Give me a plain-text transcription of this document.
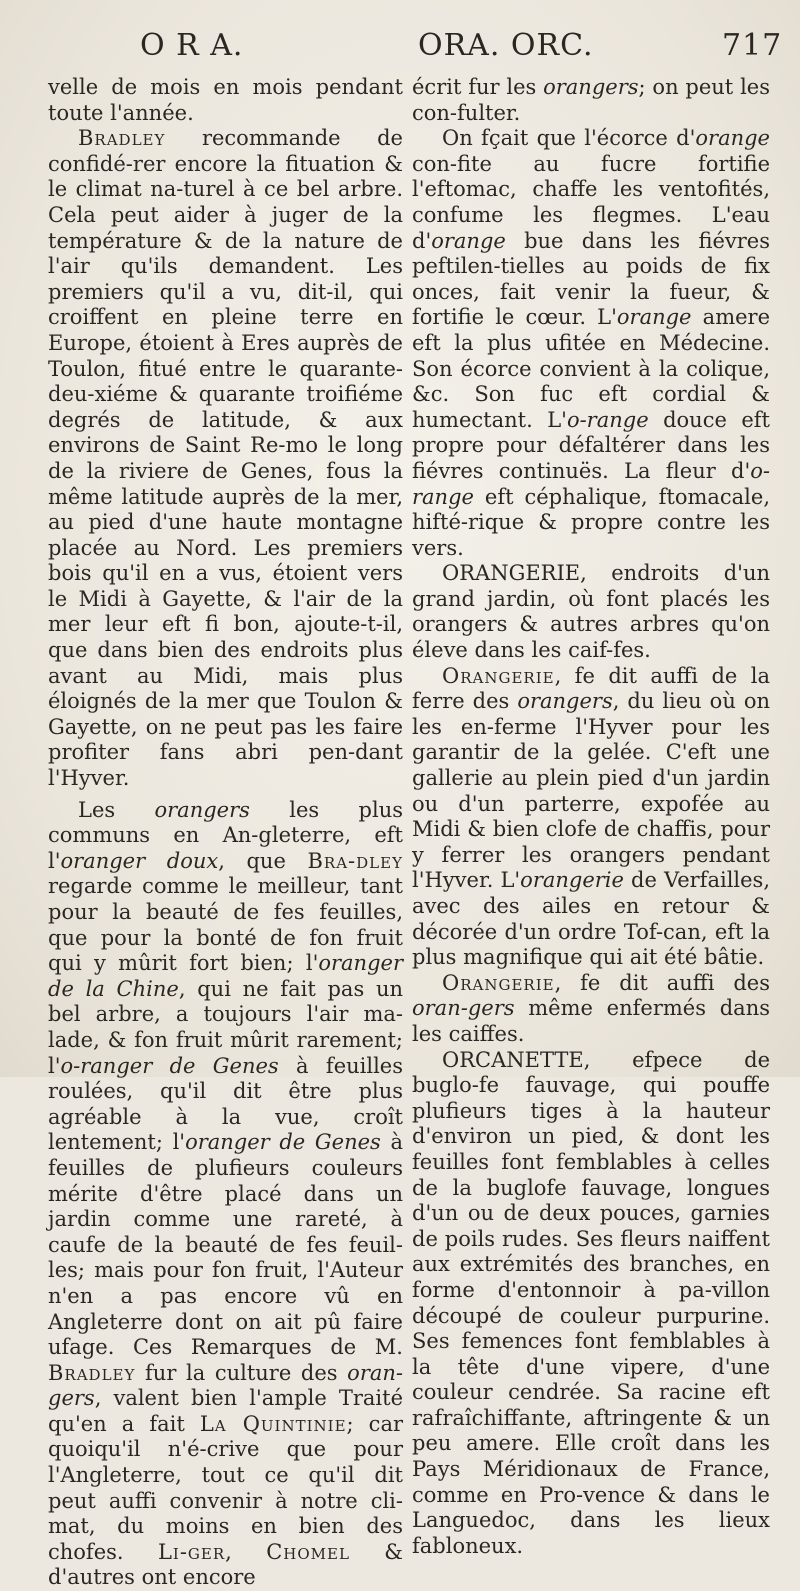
O R A.	ORA. ORC.	717

velle de mois en mois pendant toute l'année.

Bradley recommande de confidé-rer encore la fituation & le climat na-turel à ce bel arbre. Cela peut aider à juger de la température & de la nature de l'air qu'ils demandent. Les premiers qu'il a vu, dit-il, qui croiffent en pleine terre en Europe, étoient à Eres auprès de Toulon, fitué entre le quarante-deu-xiéme & quarante troifiéme degrés de latitude, & aux environs de Saint Re-mo le long de la riviere de Genes, fous la même latitude auprès de la mer, au pied d'une haute montagne placée au Nord. Les premiers bois qu'il en a vus, étoient vers le Midi à Gayette, & l'air de la mer leur eft fi bon, ajoute-t-il, que dans bien des endroits plus avant au Midi, mais plus éloignés de la mer que Toulon & Gayette, on ne peut pas les faire profiter fans abri pen-dant l'Hyver.

Les orangers les plus communs en An-gleterre, eft l'oranger doux, que Bra-dley regarde comme le meilleur, tant pour la beauté de fes feuilles, que pour la bonté de fon fruit qui y mûrit fort bien; l'oranger de la Chine, qui ne fait pas un bel arbre, a toujours l'air ma-lade, & fon fruit mûrit rarement; l'o-ranger de Genes à feuilles roulées, qu'il dit être plus agréable à la vue, croît lentement; l'oranger de Genes à feuilles de plufieurs couleurs mérite d'être placé dans un jardin comme une rareté, à caufe de la beauté de fes feuil-les; mais pour fon fruit, l'Auteur n'en a pas encore vû en Angleterre dont on ait pû faire ufage. Ces Remarques de M. Bradley fur la culture des oran-gers, valent bien l'ample Traité qu'en a fait La Quintinie; car quoiqu'il n'é-crive que pour l'Angleterre, tout ce qu'il dit peut auffi convenir à notre cli-mat, du moins en bien des chofes. Li-ger, Chomel & d'autres ont encore

écrit fur les orangers; on peut les con-fulter.

On fçait que l'écorce d'orange con-fite au fucre fortifie l'eftomac, chaffe les ventofités, confume les flegmes. L'eau d'orange bue dans les fiévres peftilen-tielles au poids de fix onces, fait venir la fueur, & fortifie le cœur. L'orange amere eft la plus ufitée en Médecine. Son écorce convient à la colique, &c. Son fuc eft cordial & humectant. L'o-range douce eft propre pour défaltérer dans les fiévres continuës. La fleur d'o-range eft céphalique, ftomacale, hifté-rique & propre contre les vers.

ORANGERIE, endroits d'un grand jardin, où font placés les orangers & autres arbres qu'on éleve dans les caif-fes.

Orangerie, fe dit auffi de la ferre des orangers, du lieu où on les en-ferme l'Hyver pour les garantir de la gelée. C'eft une gallerie au plein pied d'un jardin ou d'un parterre, expofée au Midi & bien clofe de chaffis, pour y ferrer les orangers pendant l'Hyver. L'orangerie de Verfailles, avec des ailes en retour & décorée d'un ordre Tof-can, eft la plus magnifique qui ait été bâtie.

Orangerie, fe dit auffi des oran-gers même enfermés dans les caiffes.

ORCANETTE, efpece de buglo-fe fauvage, qui pouffe plufieurs tiges à la hauteur d'environ un pied, & dont les feuilles font femblables à celles de la buglofe fauvage, longues d'un ou de deux pouces, garnies de poils rudes. Ses fleurs naiffent aux extrémités des branches, en forme d'entonnoir à pa-villon découpé de couleur purpurine. Ses femences font femblables à la tête d'une vipere, d'une couleur cendrée. Sa racine eft rafraîchiffante, aftringente & un peu amere. Elle croît dans les Pays Méridionaux de France, comme en Pro-vence & dans le Languedoc, dans les lieux fabloneux.
